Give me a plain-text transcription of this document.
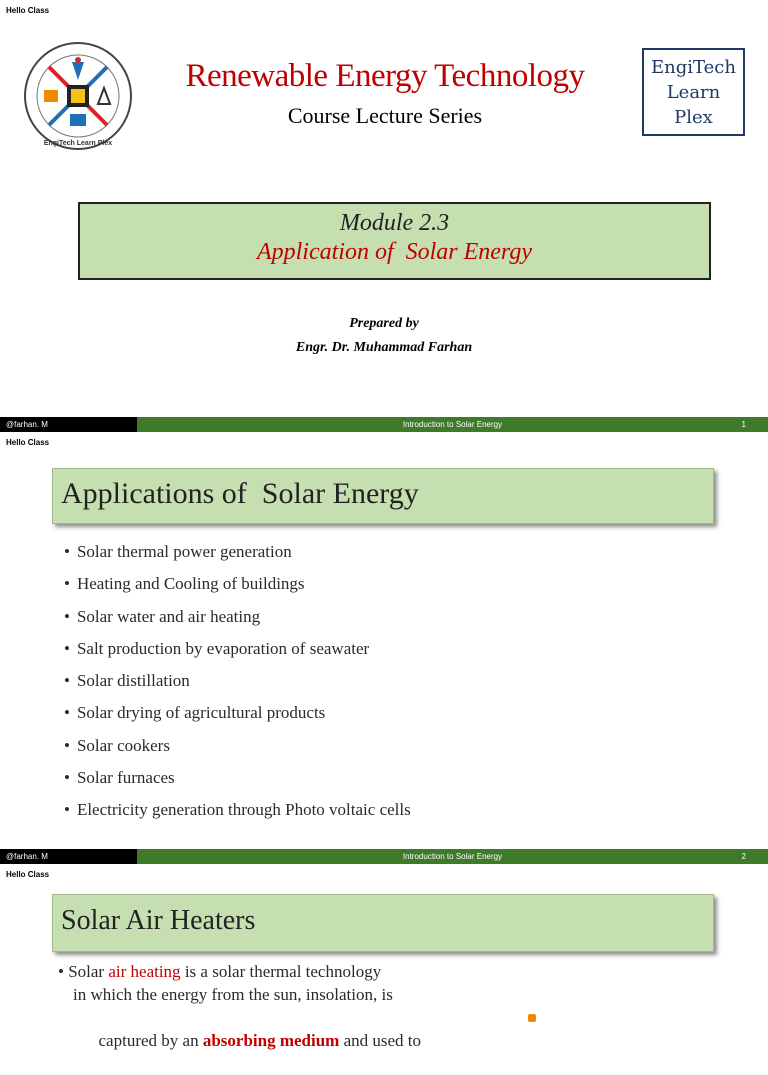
Hello Class
EngiTech Learn Plex
Renewable Energy Technology
Course Lecture Series
EngiTech
Learn
Plex
Module 2.3
Application of  Solar Energy
Prepared by
Engr. Dr. Muhammad Farhan
@farhan. M	Introduction to Solar Energy	1
Hello Class
Applications of  Solar Energy
• Solar thermal power generation
• Heating and Cooling of buildings
• Solar water and air heating
• Salt production by evaporation of seawater
• Solar distillation
• Solar drying of agricultural products
• Solar cookers
• Solar furnaces
• Electricity generation through Photo voltaic cells
@farhan. M	Introduction to Solar Energy	2
Hello Class
Solar Air Heaters
• Solar air heating is a solar thermal technology
in which the energy from the sun, insolation, is

captured by an absorbing medium and used to
